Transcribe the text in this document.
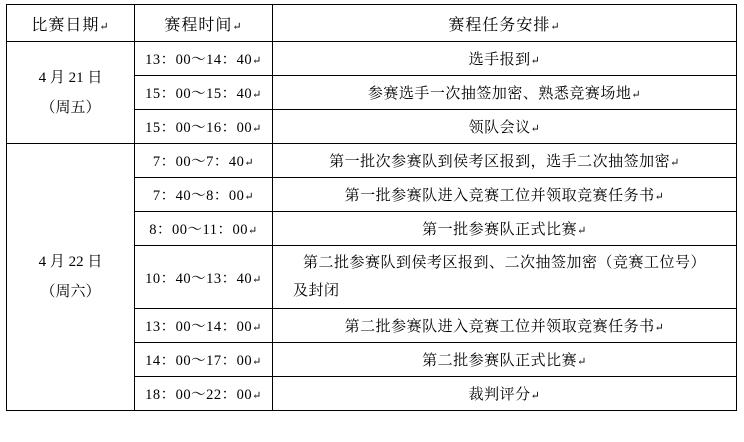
比赛日期↵	赛程时间↵	赛程任务安排↵

4 月 21 日
（周五）	13：00～14：40↵	选手报到↵
	15：00～15：40↵	参赛选手一次抽签加密、熟悉竞赛场地↵
	15：00～16：00↵	领队会议↵

4 月 22 日
（周六）	7：00～7：40↵	第一批次参赛队到侯考区报到，选手二次抽签加密↵
	7：40～8：00↵	第一批参赛队进入竞赛工位并领取竞赛任务书↵
	8：00～11：00↵	第一批参赛队正式比赛↵
	10：40～13：40↵	第二批参赛队到侯考区报到、二次抽签加密（竞赛工位号）
及封闭

	13：00～14：00↵	第二批参赛队进入竞赛工位并领取竞赛任务书↵
	14：00～17：00↵	第二批参赛队正式比赛↵
	18：00～22：00↵	裁判评分↵
